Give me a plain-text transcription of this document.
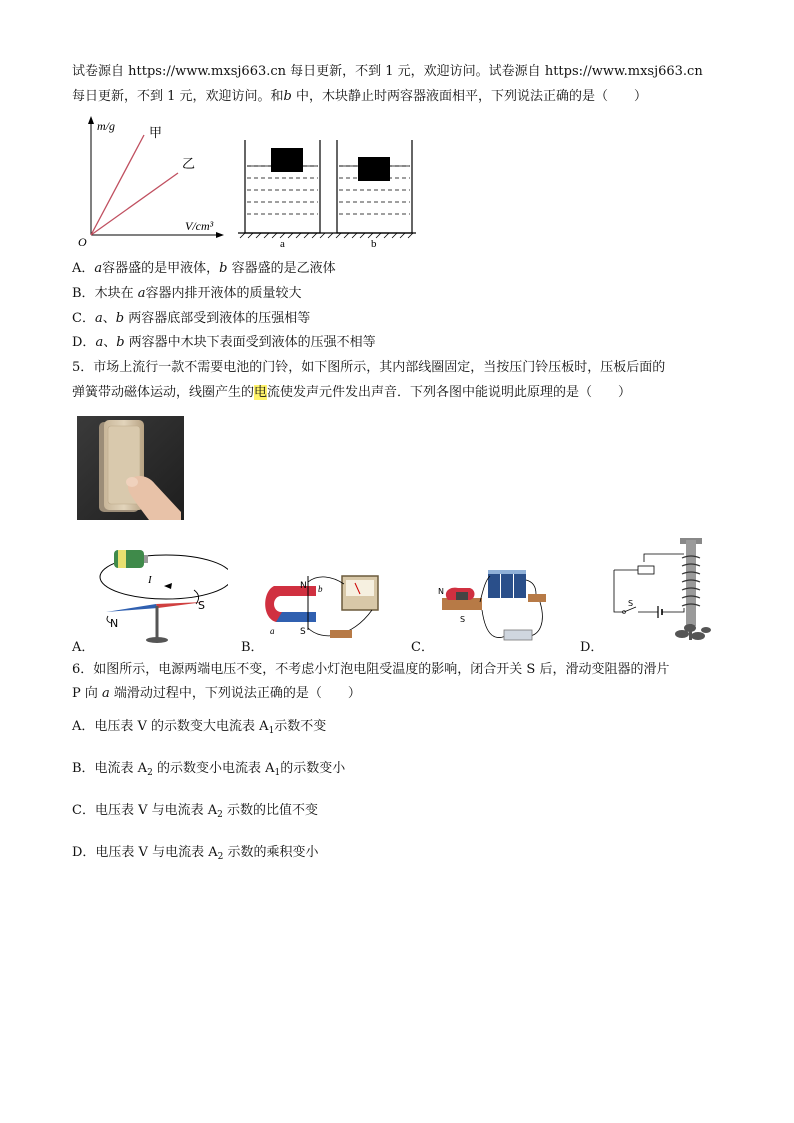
试卷源自 https://www.mxsj663.cn 每日更新，不到 1 元，欢迎访问。试卷源自 https://www.mxsj663.cn
每日更新，不到 1 元，欢迎访问。和b 中，木块静止时两容器液面相平，下列说法正确的是（　　）
m/g	甲
乙
V/cm³
O	a	b
A．a容器盛的是甲液体，b 容器盛的是乙液体
B．木块在 a容器内排开液体的质量较大
C．a、b 两容器底部受到液体的压强相等
D．a、b 两容器中木块下表面受到液体的压强不相等
5．市场上流行一款不需要电池的门铃，如下图所示，其内部线圈固定，当按压门铃压板时，压板后面的
弹簧带动磁体运动，线圈产生的电流使发声元件发出声音．下列各图中能说明此原理的是（　　）
I
N
S
A．
N
S
a
b
B．
N
S
C．
S
D．
6．如图所示，电源两端电压不变，不考虑小灯泡电阻受温度的影响，闭合开关 S 后，滑动变阻器的滑片
P 向 a 端滑动过程中，下列说法正确的是（　　）
A．电压表 V 的示数变大电流表 $A_1$示数不变
B．电流表 $A_2$ 的示数变小电流表 $A_1$的示数变小
C．电压表 V 与电流表 $A_2$ 示数的比值不变
D．电压表 V 与电流表 $A_2$ 示数的乘积变小
